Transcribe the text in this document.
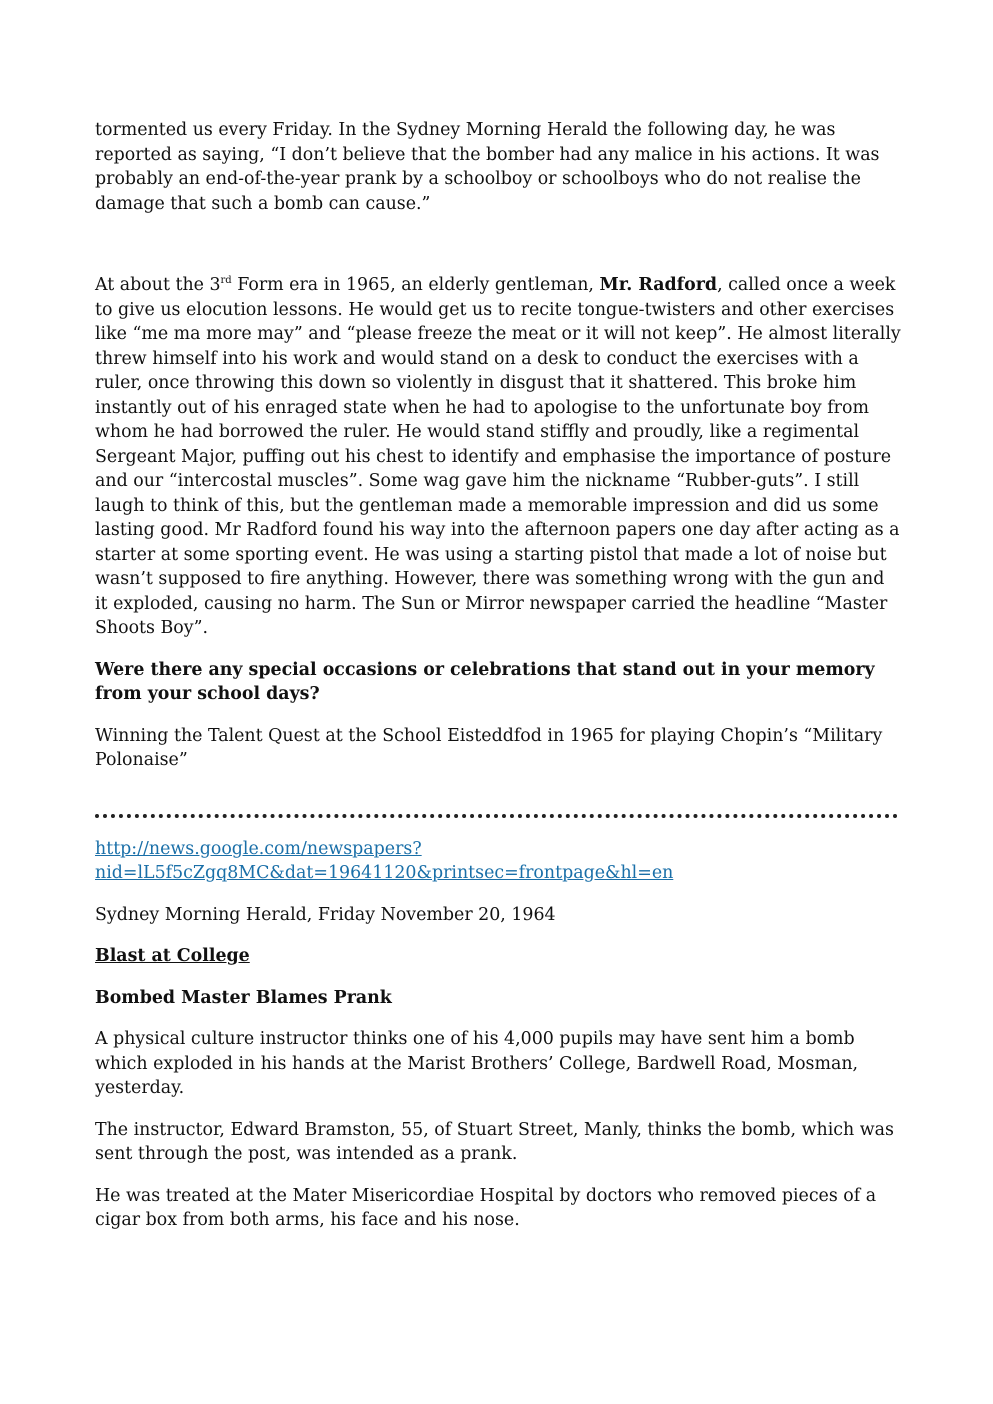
tormented us every Friday. In the Sydney Morning Herald the following day, he was reported as saying, “I don’t believe that the bomber had any malice in his actions. It was probably an end-of-the-year prank by a schoolboy or schoolboys who do not realise the damage that such a bomb can cause.”

At about the 3rd Form era in 1965, an elderly gentleman, Mr. Radford, called once a week to give us elocution lessons. He would get us to recite tongue-twisters and other exercises like “me ma more may” and “please freeze the meat or it will not keep”. He almost literally threw himself into his work and would stand on a desk to conduct the exercises with a ruler, once throwing this down so violently in disgust that it shattered. This broke him instantly out of his enraged state when he had to apologise to the unfortunate boy from whom he had borrowed the ruler. He would stand stiffly and proudly, like a regimental Sergeant Major, puffing out his chest to identify and emphasise the importance of posture and our “intercostal muscles”. Some wag gave him the nickname “Rubber-guts”. I still laugh to think of this, but the gentleman made a memorable impression and did us some lasting good. Mr Radford found his way into the afternoon papers one day after acting as a starter at some sporting event. He was using a starting pistol that made a lot of noise but wasn’t supposed to fire anything. However, there was something wrong with the gun and it exploded, causing no harm. The Sun or Mirror newspaper carried the headline “Master Shoots Boy”.

Were there any special occasions or celebrations that stand out in your memory from your school days?

Winning the Talent Quest at the School Eisteddfod in 1965 for playing Chopin’s “Military Polonaise”

http://news.google.com/newspapers?
nid=lL5f5cZgq8MC&dat=19641120&printsec=frontpage&hl=en

Sydney Morning Herald, Friday November 20, 1964

Blast at College

Bombed Master Blames Prank

A physical culture instructor thinks one of his 4,000 pupils may have sent him a bomb which exploded in his hands at the Marist Brothers’ College, Bardwell Road, Mosman, yesterday.

The instructor, Edward Bramston, 55, of Stuart Street, Manly, thinks the bomb, which was sent through the post, was intended as a prank.

He was treated at the Mater Misericordiae Hospital by doctors who removed pieces of a cigar box from both arms, his face and his nose.
